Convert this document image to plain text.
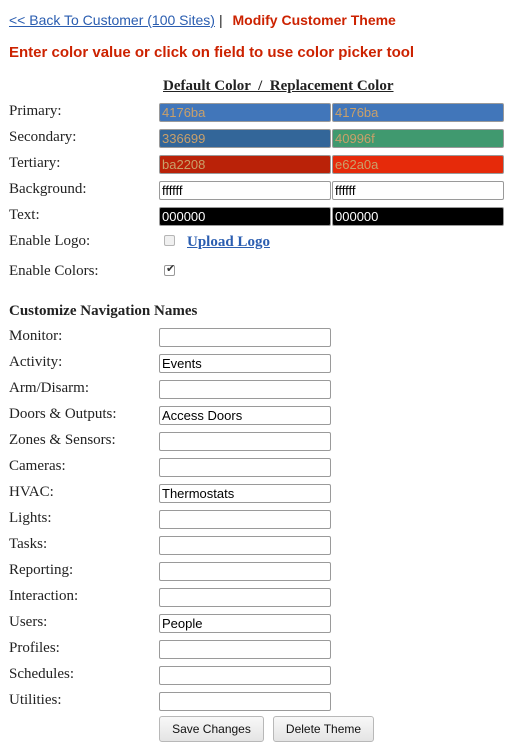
<< Back To Customer (100 Sites) | Modify Customer Theme
Enter color value or click on field to use color picker tool
Default Color  /  Replacement Color
Primary:	4176ba	4176ba
Secondary:	336699	40996f
Tertiary:	ba2208	e62a0a
Background:	ffffff	ffffff
Text:	000000	000000
Enable Logo:	Upload Logo
Enable Colors:	✔
Customize Navigation Names
Monitor:
Activity:
Events
Arm/Disarm:
Doors & Outputs:
Access Doors
Zones & Sensors:
Cameras:
HVAC:
Thermostats
Lights:
Tasks:
Reporting:
Interaction:
Users:
People
Profiles:
Schedules:
Utilities:
Save Changes	Delete Theme
